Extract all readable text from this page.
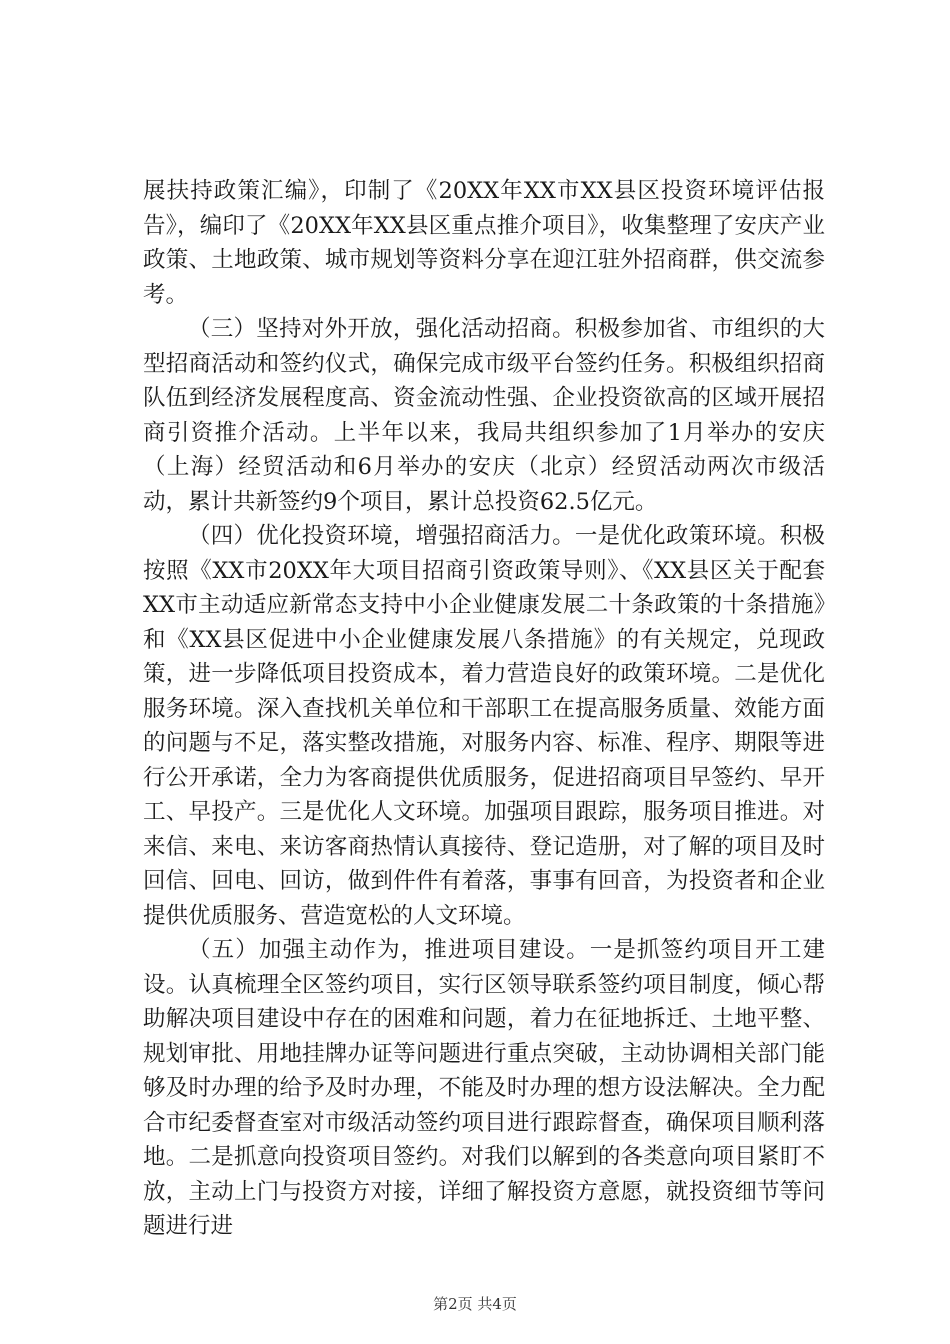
展扶持政策汇编》，印制了《20XX年XX市XX县区投资环境评估报告》，编印了《20XX年XX县区重点推介项目》，收集整理了安庆产业政策、土地政策、城市规划等资料分享在迎江驻外招商群，供交流参考。

（三）坚持对外开放，强化活动招商。积极参加省、市组织的大型招商活动和签约仪式，确保完成市级平台签约任务。积极组织招商队伍到经济发展程度高、资金流动性强、企业投资欲高的区域开展招商引资推介活动。上半年以来，我局共组织参加了1月举办的安庆（上海）经贸活动和6月举办的安庆（北京）经贸活动两次市级活动，累计共新签约9个项目，累计总投资62.5亿元。

（四）优化投资环境，增强招商活力。一是优化政策环境。积极按照《XX市20XX年大项目招商引资政策导则》、《XX县区关于配套XX市主动适应新常态支持中小企业健康发展二十条政策的十条措施》和《XX县区促进中小企业健康发展八条措施》的有关规定，兑现政策，进一步降低项目投资成本，着力营造良好的政策环境。二是优化服务环境。深入查找机关单位和干部职工在提高服务质量、效能方面的问题与不足，落实整改措施，对服务内容、标准、程序、期限等进行公开承诺，全力为客商提供优质服务，促进招商项目早签约、早开工、早投产。三是优化人文环境。加强项目跟踪，服务项目推进。对来信、来电、来访客商热情认真接待、登记造册，对了解的项目及时回信、回电、回访，做到件件有着落，事事有回音，为投资者和企业提供优质服务、营造宽松的人文环境。

（五）加强主动作为，推进项目建设。一是抓签约项目开工建设。认真梳理全区签约项目，实行区领导联系签约项目制度，倾心帮助解决项目建设中存在的困难和问题，着力在征地拆迁、土地平整、规划审批、用地挂牌办证等问题进行重点突破，主动协调相关部门能够及时办理的给予及时办理，不能及时办理的想方设法解决。全力配合市纪委督查室对市级活动签约项目进行跟踪督查，确保项目顺利落地。二是抓意向投资项目签约。对我们以解到的各类意向项目紧盯不放，主动上门与投资方对接，详细了解投资方意愿，就投资细节等问题进行进

第2页 共4页
